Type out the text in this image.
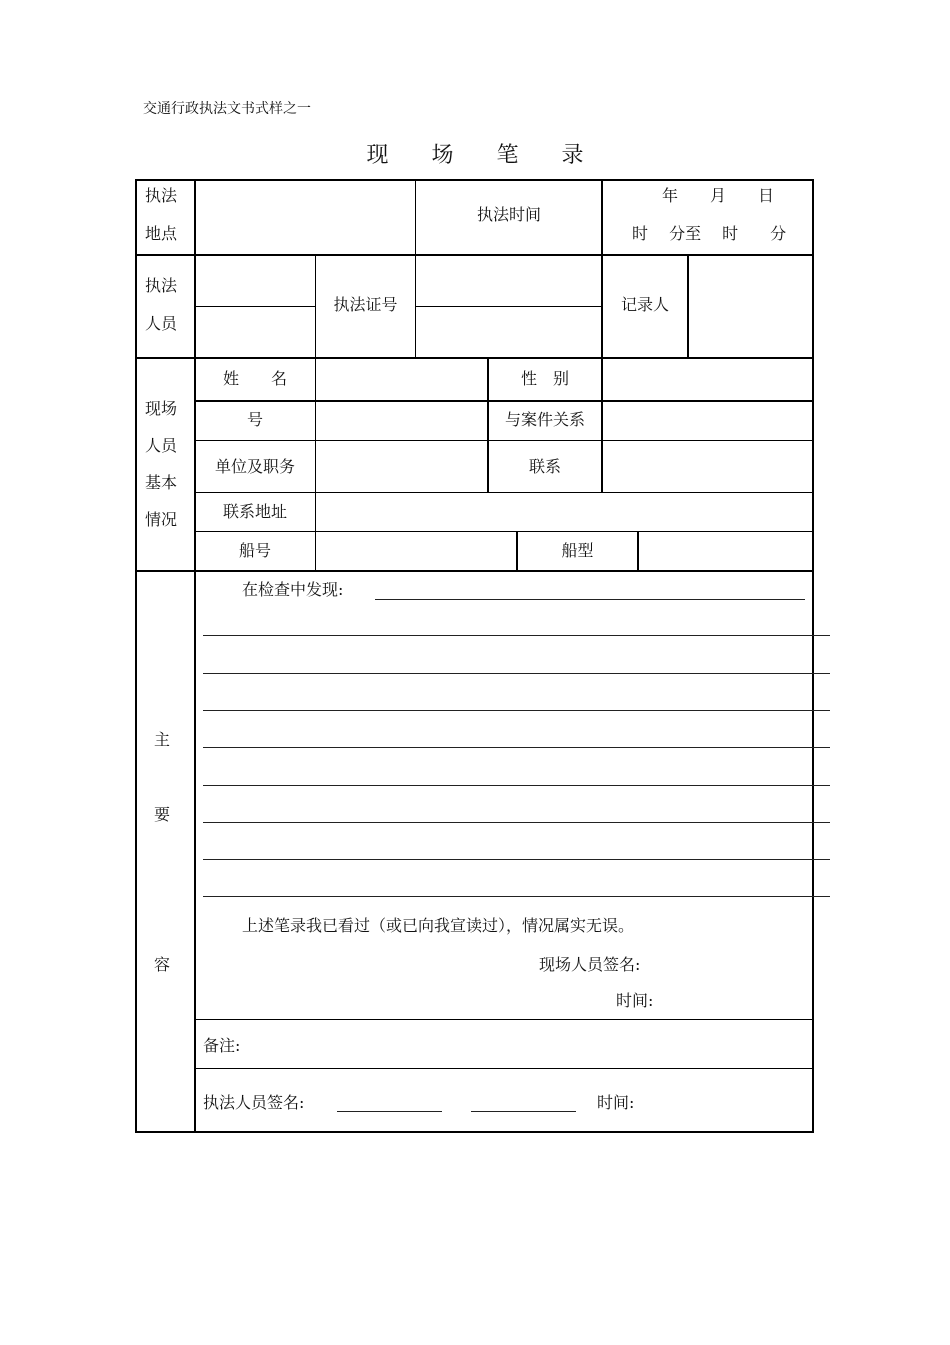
交通行政执法文书式样之一
现 场 笔 录
执法
地点
执法时间
年　　月　　日
时　 分至　 时　　分
执法
人员
执法证号	记录人
现场
人员
基本
情况
姓　　名	性　别
号	与案件关系
单位及职务	联系
联系地址
船号	船型
主
要
容
在检查中发现:
上述笔录我已看过（或已向我宣读过），情况属实无误。
现场人员签名:
时间:
备注:
执法人员签名:	时间:
